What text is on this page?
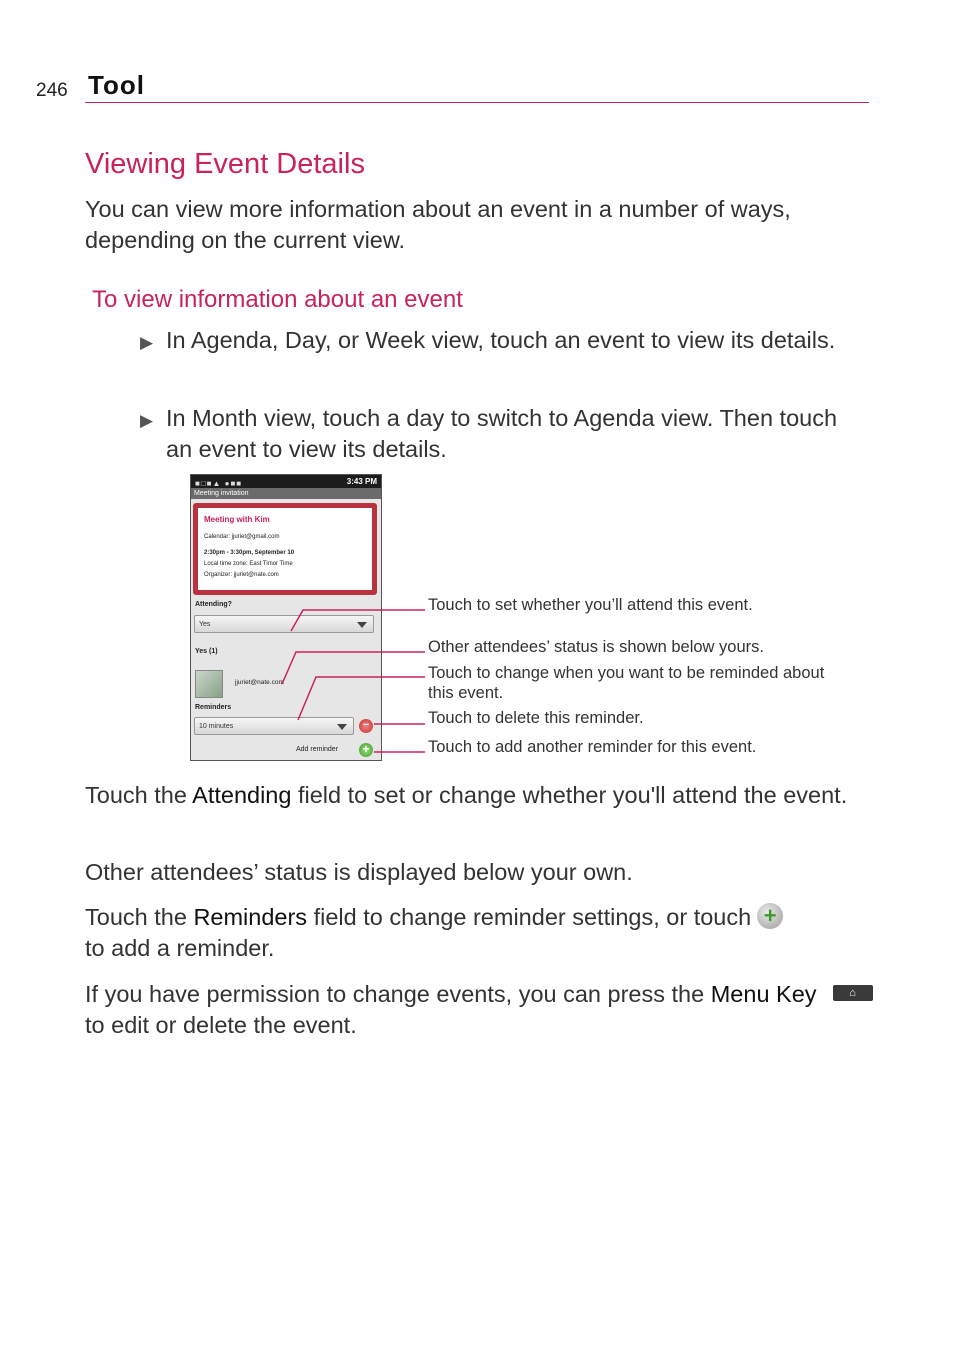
246 Tool
Viewing Event Details
You can view more information about an event in a number of ways, depending on the current view.
To view information about an event
▶ In Agenda, Day, or Week view, touch an event to view its details.
▶ In Month view, touch a day to switch to Agenda view. Then touch an event to view its details.
■□■▲ ●■■	3:43 PM
Meeting invitation
Meeting with Kim
Calendar: jjuriet@gmail.com
2:30pm - 3:30pm, September 10
Local time zone: East Timor Time
Organizer: jjuriet@nate.com
Attending?
Yes
Yes (1)
jjuriet@nate.com
Reminders
10 minutes	−
Add reminder +
Touch to set whether you’ll attend this event.
Other attendees’ status is shown below yours.
Touch to change when you want to be reminded about this event.
Touch to delete this reminder.
Touch to add another reminder for this event.
Touch the Attending field to set or change whether you'll attend the event.
Other attendees’ status is displayed below your own.
Touch the Reminders field to change reminder settings, or touch +

to add a reminder.
If you have permission to change events, you can press the Menu Key	⌂
to edit or delete the event.
